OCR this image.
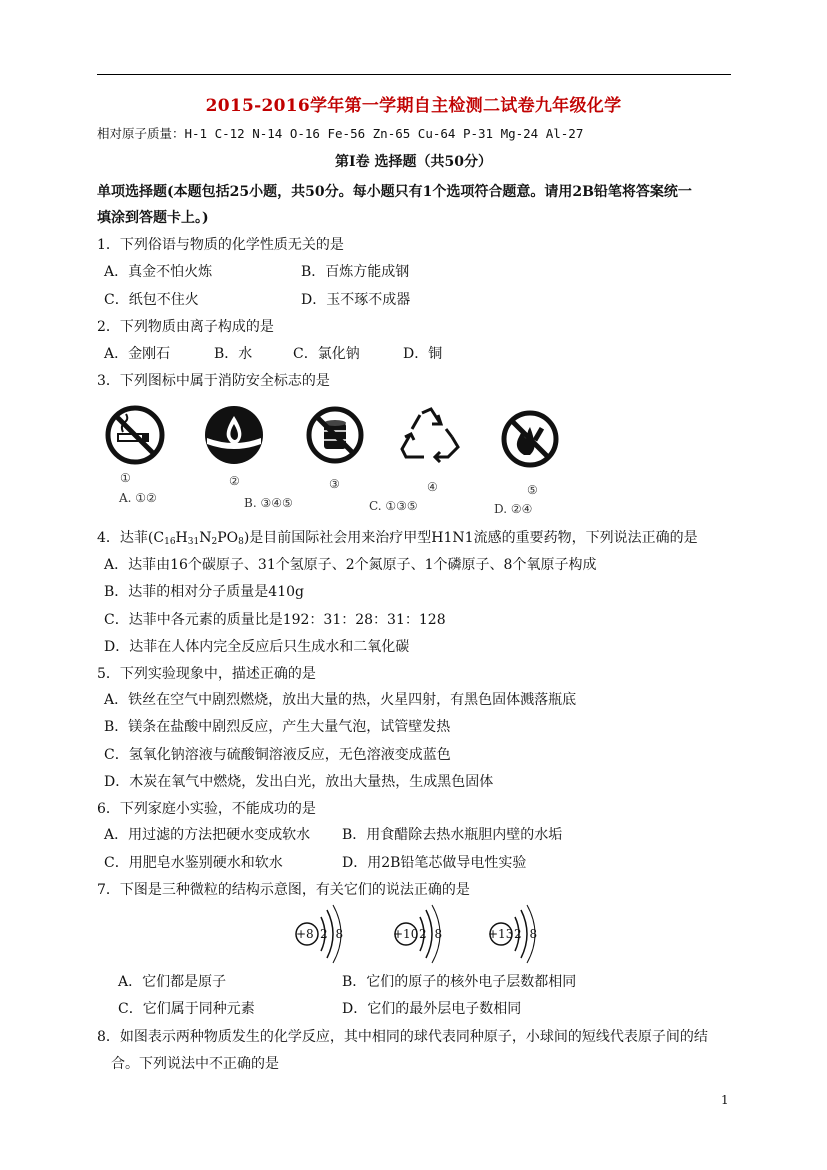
2015-2016学年第一学期自主检测二试卷九年级化学
相对原子质量：H-1 C-12 N-14 O-16 Fe-56 Zn-65 Cu-64 P-31 Mg-24 Al-27
第Ⅰ卷 选择题（共50分）
单项选择题(本题包括25小题，共50分。每小题只有1个选项符合题意。请用2B铅笔将答案统一
填涂到答题卡上。)
1．下列俗语与物质的化学性质无关的是
A．真金不怕火炼	B．百炼方能成钢
C．纸包不住火	D．玉不琢不成器
2．下列物质由离子构成的是
A．金刚石	B．水	C．氯化钠	D．铜
3．下列图标中属于消防安全标志的是
①	②	③	④	⑤
A. ①②	B. ③④⑤	C. ①③⑤	D. ②④
4．达菲$(C_{16}H_{31}N_2PO_8)$是目前国际社会用来治疗甲型H1N1流感的重要药物，下列说法正确的是
A．达菲由16个碳原子、31个氢原子、2个氮原子、1个磷原子、8个氧原子构成
B．达菲的相对分子质量是410g
C．达菲中各元素的质量比是192：31：28：31：128
D．达菲在人体内完全反应后只生成水和二氧化碳
5．下列实验现象中，描述正确的是
A．铁丝在空气中剧烈燃烧，放出大量的热，火星四射，有黑色固体溅落瓶底
B．镁条在盐酸中剧烈反应，产生大量气泡，试管壁发热
C．氢氧化钠溶液与硫酸铜溶液反应，无色溶液变成蓝色
D．木炭在氧气中燃烧，发出白光，放出大量热，生成黑色固体
6．下列家庭小实验，不能成功的是
A．用过滤的方法把硬水变成软水 B．用食醋除去热水瓶胆内壁的水垢
C．用肥皂水鉴别硬水和软水	D．用2B铅笔芯做导电性实验
7．下图是三种微粒的结构示意图，有关它们的说法正确的是
+8 2 8	+10 2 8	+13 2 8
A．它们都是原子	B．它们的原子的核外电子层数都相同
C．它们属于同种元素	D．它们的最外层电子数相同
8．如图表示两种物质发生的化学反应，其中相同的球代表同种原子，小球间的短线代表原子间的结
合。下列说法中不正确的是
1
